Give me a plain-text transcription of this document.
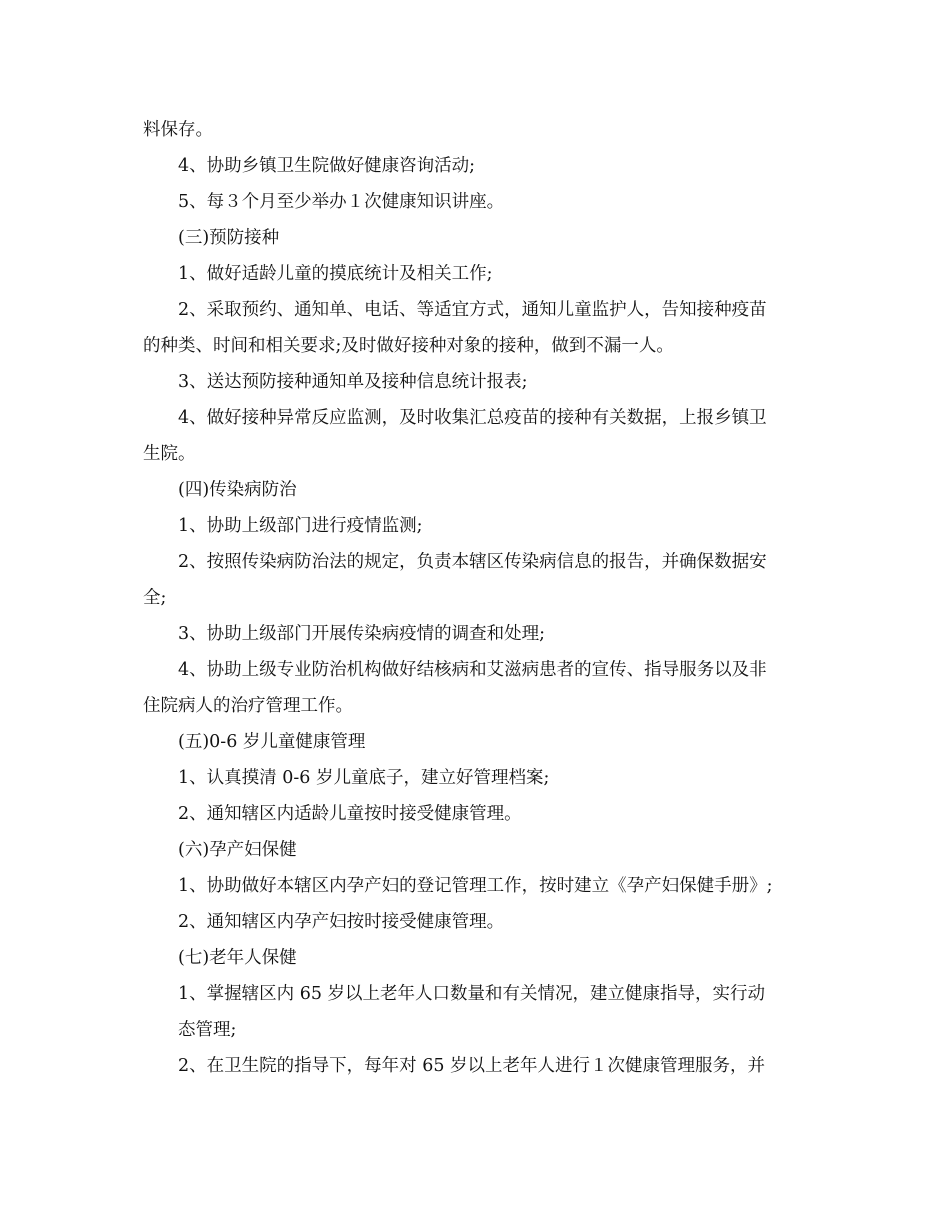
料保存。
4、协助乡镇卫生院做好健康咨询活动;
5、每３个月至少举办１次健康知识讲座。
(三)预防接种
1、做好适龄儿童的摸底统计及相关工作;
2、采取预约、通知单、电话、等适宜方式，通知儿童监护人，告知接种疫苗
的种类、时间和相关要求;及时做好接种对象的接种，做到不漏一人。
3、送达预防接种通知单及接种信息统计报表;
4、做好接种异常反应监测，及时收集汇总疫苗的接种有关数据，上报乡镇卫
生院。
(四)传染病防治
1、协助上级部门进行疫情监测;
2、按照传染病防治法的规定，负责本辖区传染病信息的报告，并确保数据安
全;
3、协助上级部门开展传染病疫情的调查和处理;
4、协助上级专业防治机构做好结核病和艾滋病患者的宣传、指导服务以及非
住院病人的治疗管理工作。
(五)0-6 岁儿童健康管理
1、认真摸清 0-6 岁儿童底子，建立好管理档案;
2、通知辖区内适龄儿童按时接受健康管理。
(六)孕产妇保健
1、协助做好本辖区内孕产妇的登记管理工作，按时建立《孕产妇保健手册》;
2、通知辖区内孕产妇按时接受健康管理。
(七)老年人保健
1、掌握辖区内 65 岁以上老年人口数量和有关情况，建立健康指导，实行动
态管理;
2、在卫生院的指导下，每年对 65 岁以上老年人进行１次健康管理服务，并
